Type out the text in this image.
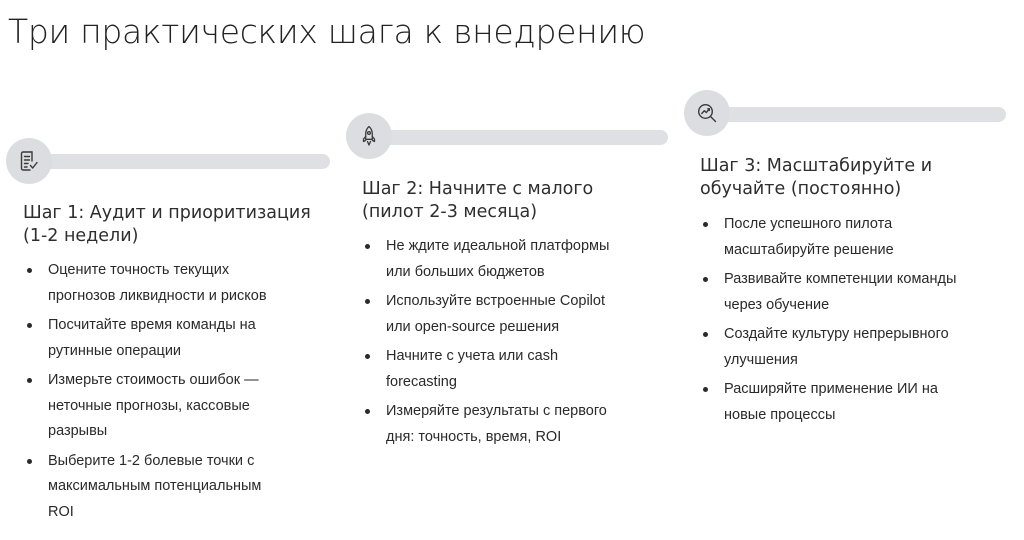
Три практических шага к внедрению
Шаг 1: Аудит и приоритизация
(1-2 недели)
Оцените точность текущих
прогнозов ликвидности и рисков
Посчитайте время команды на
рутинные операции
Измерьте стоимость ошибок —
неточные прогнозы, кассовые
разрывы
Выберите 1-2 болевые точки с
максимальным потенциальным
ROI
Шаг 2: Начните с малого
(пилот 2-3 месяца)
Не ждите идеальной платформы
или больших бюджетов
Используйте встроенные Copilot
или open-source решения
Начните с учета или cash
forecasting
Измеряйте результаты с первого
дня: точность, время, ROI
Шаг 3: Масштабируйте и
обучайте (постоянно)
После успешного пилота
масштабируйте решение
Развивайте компетенции команды
через обучение
Создайте культуру непрерывного
улучшения
Расширяйте применение ИИ на
новые процессы
